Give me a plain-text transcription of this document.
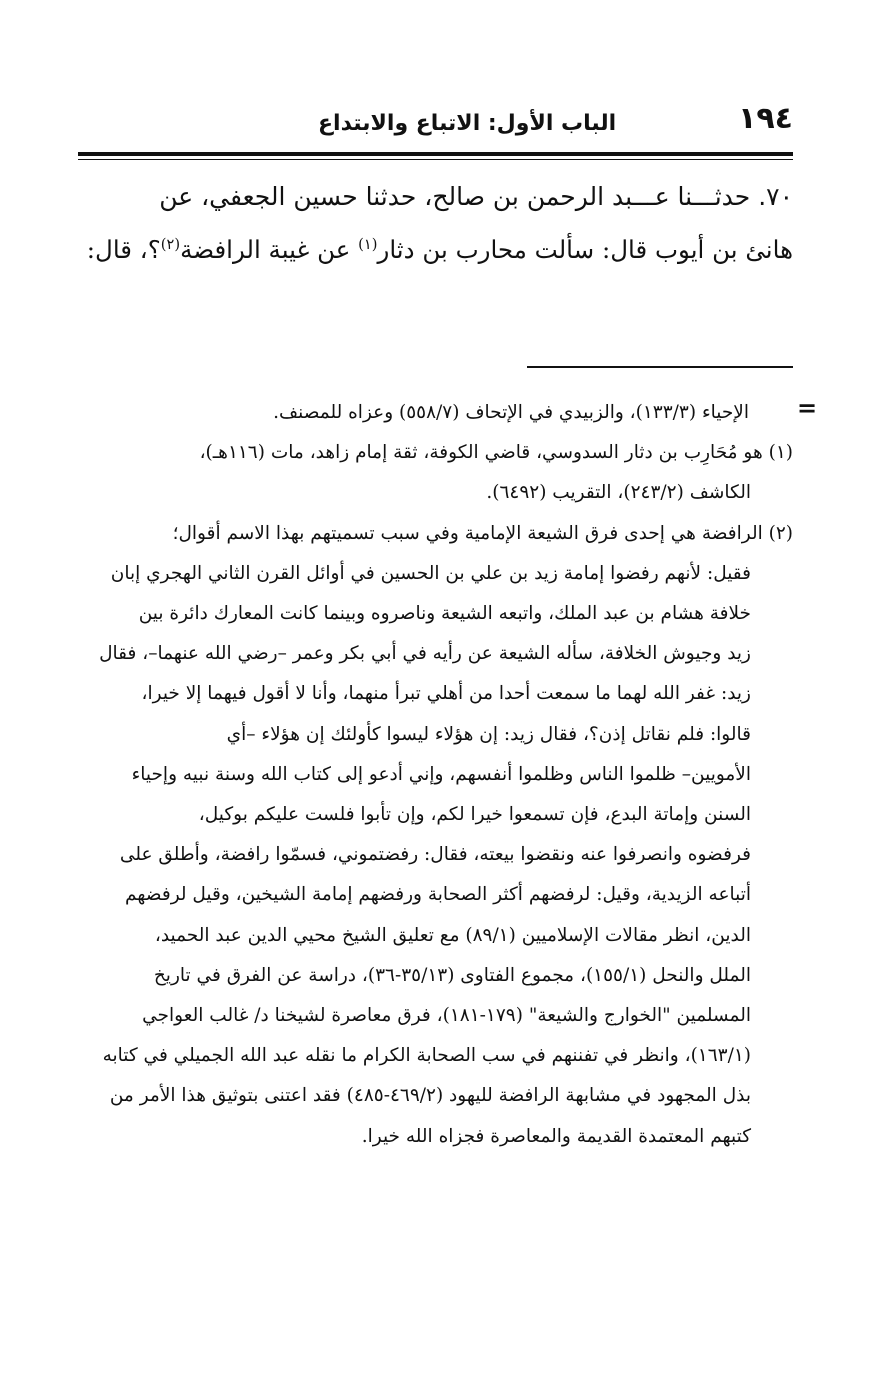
١٩٤
الباب الأول: الاتباع والابتداع
٧٠. حدثـــنا عـــبد الرحمن بن صالح، حدثنا حسين الجعفي، عن
هانئ بن أيوب قال: سألت محارب بن دثار$^{(١)}$ عن غيبة الرافضة$^{(٢)}$؟، قال:
=
الإحياء (١٣٣/٣)، والزبيدي في الإتحاف (٥٥٨/٧) وعزاه للمصنف.
(١) هو مُحَارِب بن دثار السدوسي، قاضي الكوفة، ثقة إمام زاهد، مات (١١٦هـ)،
الكاشف (٢٤٣/٢)، التقريب (٦٤٩٢).
(٢) الرافضة هي إحدى فرق الشيعة الإمامية وفي سبب تسميتهم بهذا الاسم أقوال؛
فقيل: لأنهم رفضوا إمامة زيد بن علي بن الحسين في أوائل القرن الثاني الهجري إبان
خلافة هشام بن عبد الملك، واتبعه الشيعة وناصروه وبينما كانت المعارك دائرة بين
زيد وجيوش الخلافة، سأله الشيعة عن رأيه في أبي بكر وعمر –رضي الله عنهما–، فقال
زيد: غفر الله لهما ما سمعت أحدا من أهلي تبرأ منهما، وأنا لا أقول فيهما إلا خيرا،
قالوا: فلم نقاتل إذن؟، فقال زيد: إن هؤلاء ليسوا كأولئك إن هؤلاء –أي
الأمويين– ظلموا الناس وظلموا أنفسهم، وإني أدعو إلى كتاب الله وسنة نبيه وإحياء
السنن وإماتة البدع، فإن تسمعوا خيرا لكم، وإن تأبوا فلست عليكم بوكيل،
فرفضوه وانصرفوا عنه ونقضوا بيعته، فقال: رفضتموني، فسمّوا رافضة، وأطلق على
أتباعه الزيدية، وقيل: لرفضهم أكثر الصحابة ورفضهم إمامة الشيخين، وقيل لرفضهم
الدين، انظر مقالات الإسلاميين (٨٩/١) مع تعليق الشيخ محيي الدين عبد الحميد،
الملل والنحل (١٥٥/١)، مجموع الفتاوى (٣٥/١٣-٣٦)، دراسة عن الفرق في تاريخ
المسلمين "الخوارج والشيعة" (١٧٩-١٨١)، فرق معاصرة لشيخنا د/ غالب العواجي
(١٦٣/١)، وانظر في تفننهم في سب الصحابة الكرام ما نقله عبد الله الجميلي في كتابه
بذل المجهود في مشابهة الرافضة لليهود (٤٦٩/٢-٤٨٥) فقد اعتنى بتوثيق هذا الأمر من
كتبهم المعتمدة القديمة والمعاصرة فجزاه الله خيرا.
